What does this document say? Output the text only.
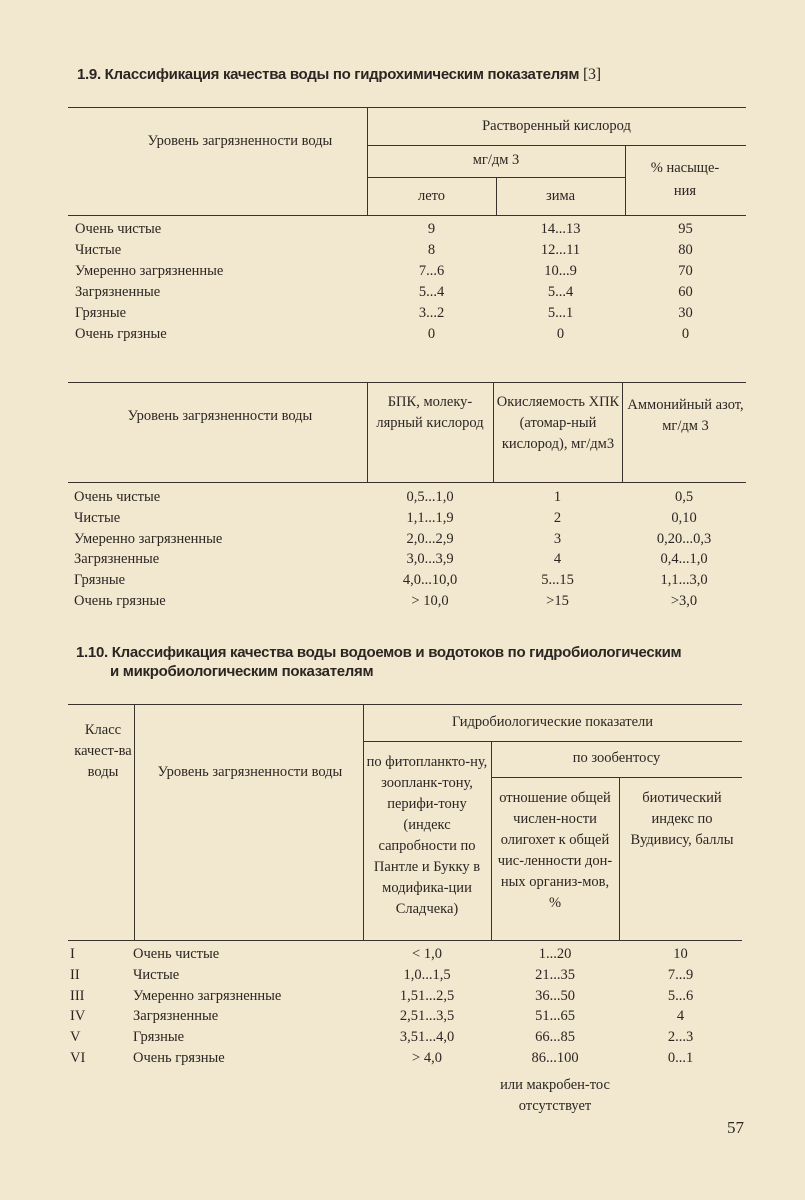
1.9. Классификация качества воды по гидрохимическим показателям [3]
Уровень загрязненности воды
Растворенный кислород
мг/дм 3	% насыще-ния
лето	зима
Очень чистые	9	14...13	95
Чистые	8	12...11	80
Умеренно загрязненные	7...6	10...9	70
Загрязненные	5...4	5...4	60
Грязные	3...2	5...1	30
Очень грязные	0	0	0
Уровень загрязненности воды
БПК, молеку-лярный кислород
Окисляемость ХПК (атомар-ный кислород), мг/дм3
Аммонийный азот, мг/дм 3
Очень чистые	0,5...1,0	1	0,5
Чистые	1,1...1,9	2	0,10
Умеренно загрязненные	2,0...2,9	3	0,20...0,3
Загрязненные	3,0...3,9	4	0,4...1,0
Грязные	4,0...10,0	5...15	1,1...3,0
Очень грязные	> 10,0	>15	>3,0
1.10. Классификация качества воды водоемов и водотоков по гидробиологическим
и микробиологическим показателям
Класс качест-ва воды	Уровень загрязненности воды
Гидробиологические показатели
по фитопланкто-ну, зоопланк-тону, перифи-тону (индекс сапробности по Пантле и Букку в модифика-ции Сладчека)
по зообентосу
отношение общей числен-ности олигохет к общей чис-ленности дон-ных организ-мов, %
биотический индекс по Вудивису, баллы
I	Очень чистые	< 1,0	1...20	10
II	Чистые	1,0...1,5	21...35	7...9
III	Умеренно загрязненные	1,51...2,5	36...50	5...6
IV	Загрязненные	2,51...3,5	51...65	4
V	Грязные	3,51...4,0	66...85	2...3
VI	Очень грязные	> 4,0	86...100	0...1
или макробен-тос отсутствует
57
